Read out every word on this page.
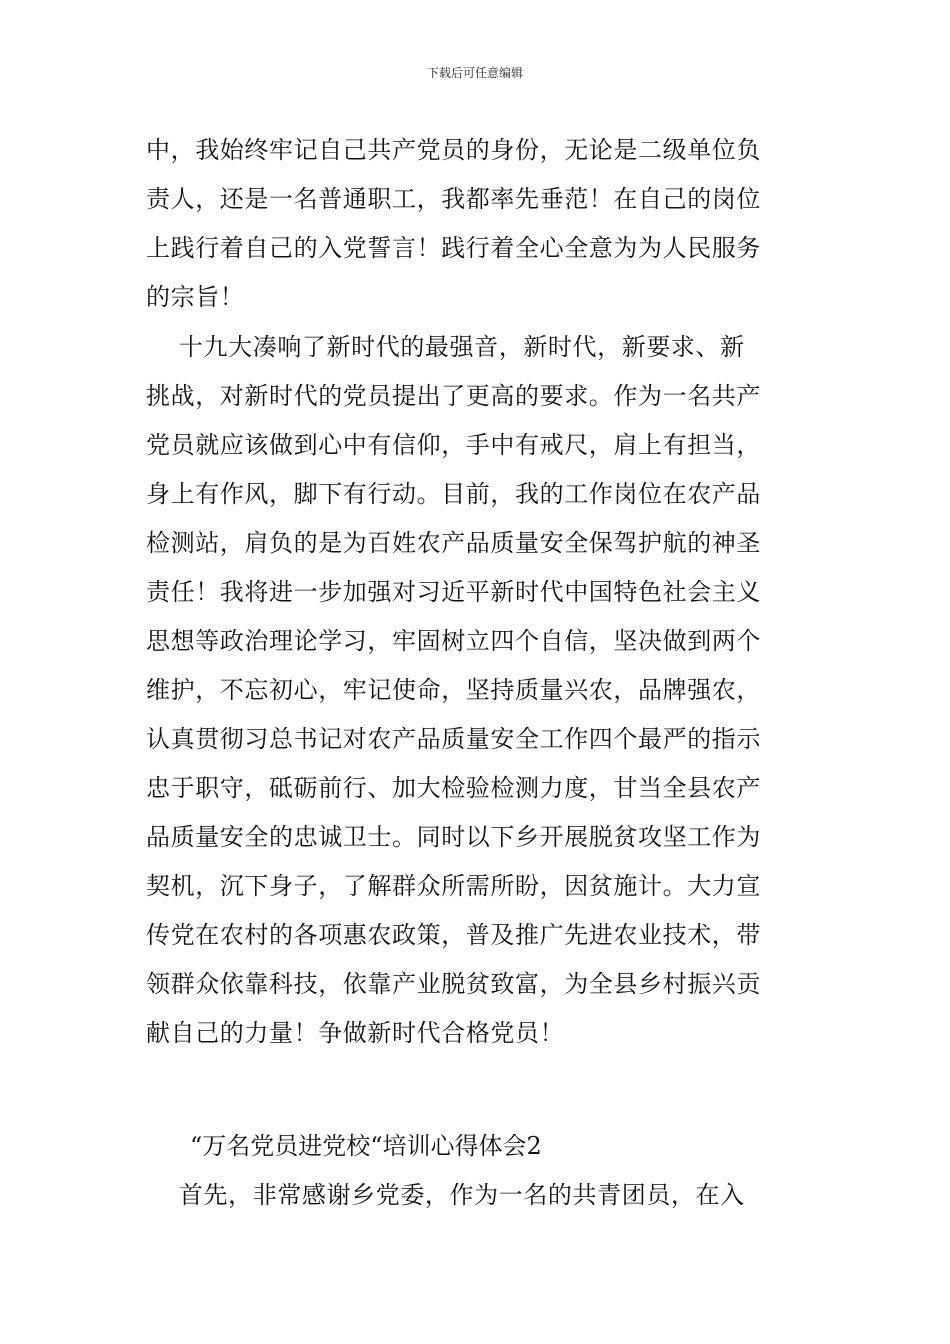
下载后可任意编辑
中，我始终牢记自己共产党员的身份，无论是二级单位负
责人，还是一名普通职工，我都率先垂范！在自己的岗位
上践行着自己的入党誓言！践行着全心全意为为人民服务
的宗旨！
十九大凑响了新时代的最强音，新时代，新要求、新
挑战，对新时代的党员提出了更高的要求。作为一名共产
党员就应该做到心中有信仰，手中有戒尺，肩上有担当，
身上有作风，脚下有行动。目前，我的工作岗位在农产品
检测站，肩负的是为百姓农产品质量安全保驾护航的神圣
责任！我将进一步加强对习近平新时代中国特色社会主义
思想等政治理论学习，牢固树立四个自信，坚决做到两个
维护，不忘初心，牢记使命，坚持质量兴农，品牌强农，
认真贯彻习总书记对农产品质量安全工作四个最严的指示
忠于职守，砥砺前行、加大检验检测力度，甘当全县农产
品质量安全的忠诚卫士。同时以下乡开展脱贫攻坚工作为
契机，沉下身子，了解群众所需所盼，因贫施计。大力宣
传党在农村的各项惠农政策，普及推广先进农业技术，带
领群众依靠科技，依靠产业脱贫致富，为全县乡村振兴贡
献自己的力量！争做新时代合格党员！
“万名党员进党校“培训心得体会2
首先，非常感谢乡党委，作为一名的共青团员，在入
